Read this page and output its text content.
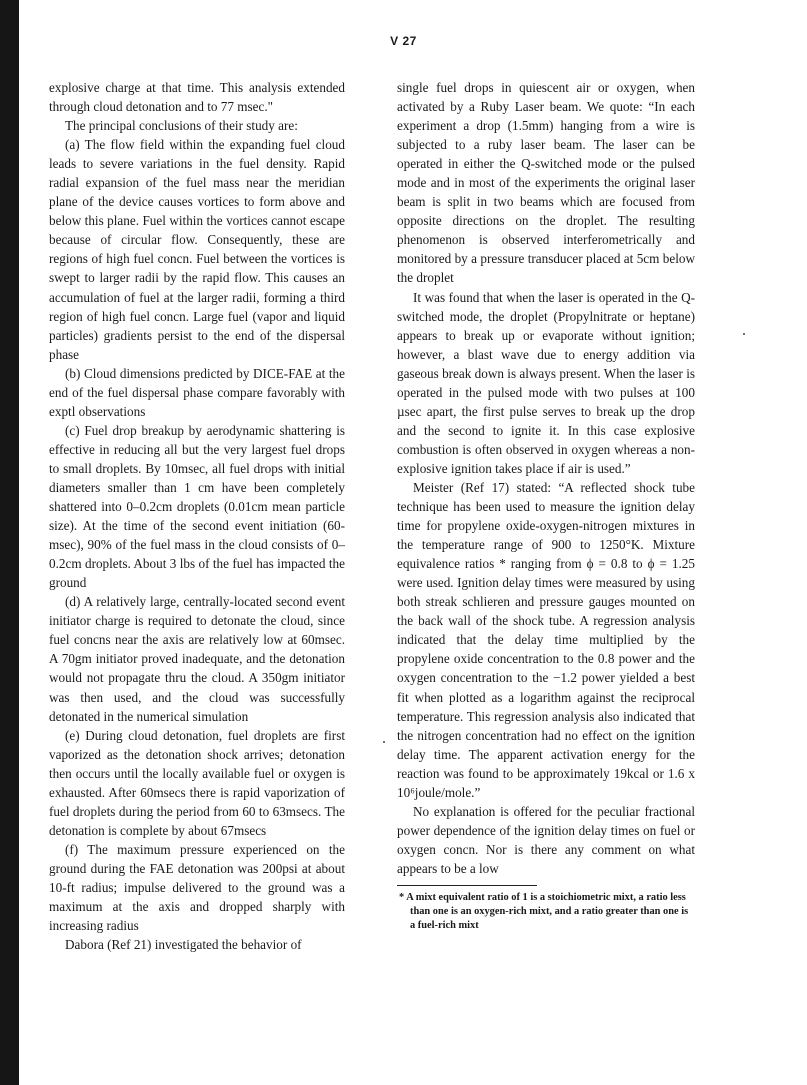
V 27

explosive charge at that time. This analysis extended through cloud detonation and to 77 msec."

The principal conclusions of their study are:

(a) The flow field within the expanding fuel cloud leads to severe variations in the fuel density. Rapid radial expansion of the fuel mass near the meridian plane of the device causes vortices to form above and below this plane. Fuel within the vortices cannot escape because of circular flow. Consequently, these are regions of high fuel concn. Fuel between the vortices is swept to larger radii by the rapid flow. This causes an accumulation of fuel at the larger radii, forming a third region of high fuel concn. Large fuel (vapor and liquid particles) gradients persist to the end of the dispersal phase

(b) Cloud dimensions predicted by DICE-FAE at the end of the fuel dispersal phase compare favorably with exptl observations

(c) Fuel drop breakup by aerodynamic shattering is effective in reducing all but the very largest fuel drops to small droplets. By 10msec, all fuel drops with initial diameters smaller than 1 cm have been completely shattered into 0–0.2cm droplets (0.01cm mean particle size). At the time of the second event initiation (60-msec), 90% of the fuel mass in the cloud consists of 0–0.2cm droplets. About 3 lbs of the fuel has impacted the ground

(d) A relatively large, centrally-located second event initiator charge is required to detonate the cloud, since fuel concns near the axis are relatively low at 60msec. A 70gm initiator proved inadequate, and the detonation would not propagate thru the cloud. A 350gm initiator was then used, and the cloud was successfully detonated in the numerical simulation

(e) During cloud detonation, fuel droplets are first vaporized as the detonation shock arrives; detonation then occurs until the locally available fuel or oxygen is exhausted. After 60msecs there is rapid vaporization of fuel droplets during the period from 60 to 63msecs. The detonation is complete by about 67msecs

(f) The maximum pressure experienced on the ground during the FAE detonation was 200psi at about 10-ft radius; impulse delivered to the ground was a maximum at the axis and dropped sharply with increasing radius

Dabora (Ref 21) investigated the behavior of

single fuel drops in quiescent air or oxygen, when activated by a Ruby Laser beam. We quote: “In each experiment a drop (1.5mm) hanging from a wire is subjected to a ruby laser beam. The laser can be operated in either the Q-switched mode or the pulsed mode and in most of the experiments the original laser beam is split in two beams which are focused from opposite directions on the droplet. The resulting phenomenon is observed interferometrically and monitored by a pressure transducer placed at 5cm below the droplet

It was found that when the laser is operated in the Q-switched mode, the droplet (Propylnitrate or heptane) appears to break up or evaporate without ignition; however, a blast wave due to energy addition via gaseous break down is always present. When the laser is operated in the pulsed mode with two pulses at 100 µsec apart, the first pulse serves to break up the drop and the second to ignite it. In this case explosive combustion is often observed in oxygen whereas a non-explosive ignition takes place if air is used.”

Meister (Ref 17) stated: “A reflected shock tube technique has been used to measure the ignition delay time for propylene oxide-oxygen-nitrogen mixtures in the temperature range of 900 to 1250°K. Mixture equivalence ratios * ranging from ϕ = 0.8 to ϕ = 1.25 were used. Ignition delay times were measured by using both streak schlieren and pressure gauges mounted on the back wall of the shock tube. A regression analysis indicated that the delay time multiplied by the propylene oxide concentration to the 0.8 power and the oxygen concentration to the −1.2 power yielded a best fit when plotted as a logarithm against the reciprocal temperature. This regression analysis also indicated that the nitrogen concentration had no effect on the ignition delay time. The apparent activation energy for the reaction was found to be approximately 19kcal or 1.6 x 10⁶joule/mole.”

No explanation is offered for the peculiar fractional power dependence of the ignition delay times on fuel or oxygen concn. Nor is there any comment on what appears to be a low

* A mixt equivalent ratio of 1 is a stoichiometric mixt, a ratio less than one is an oxygen-rich mixt, and a ratio greater than one is a fuel-rich mixt
